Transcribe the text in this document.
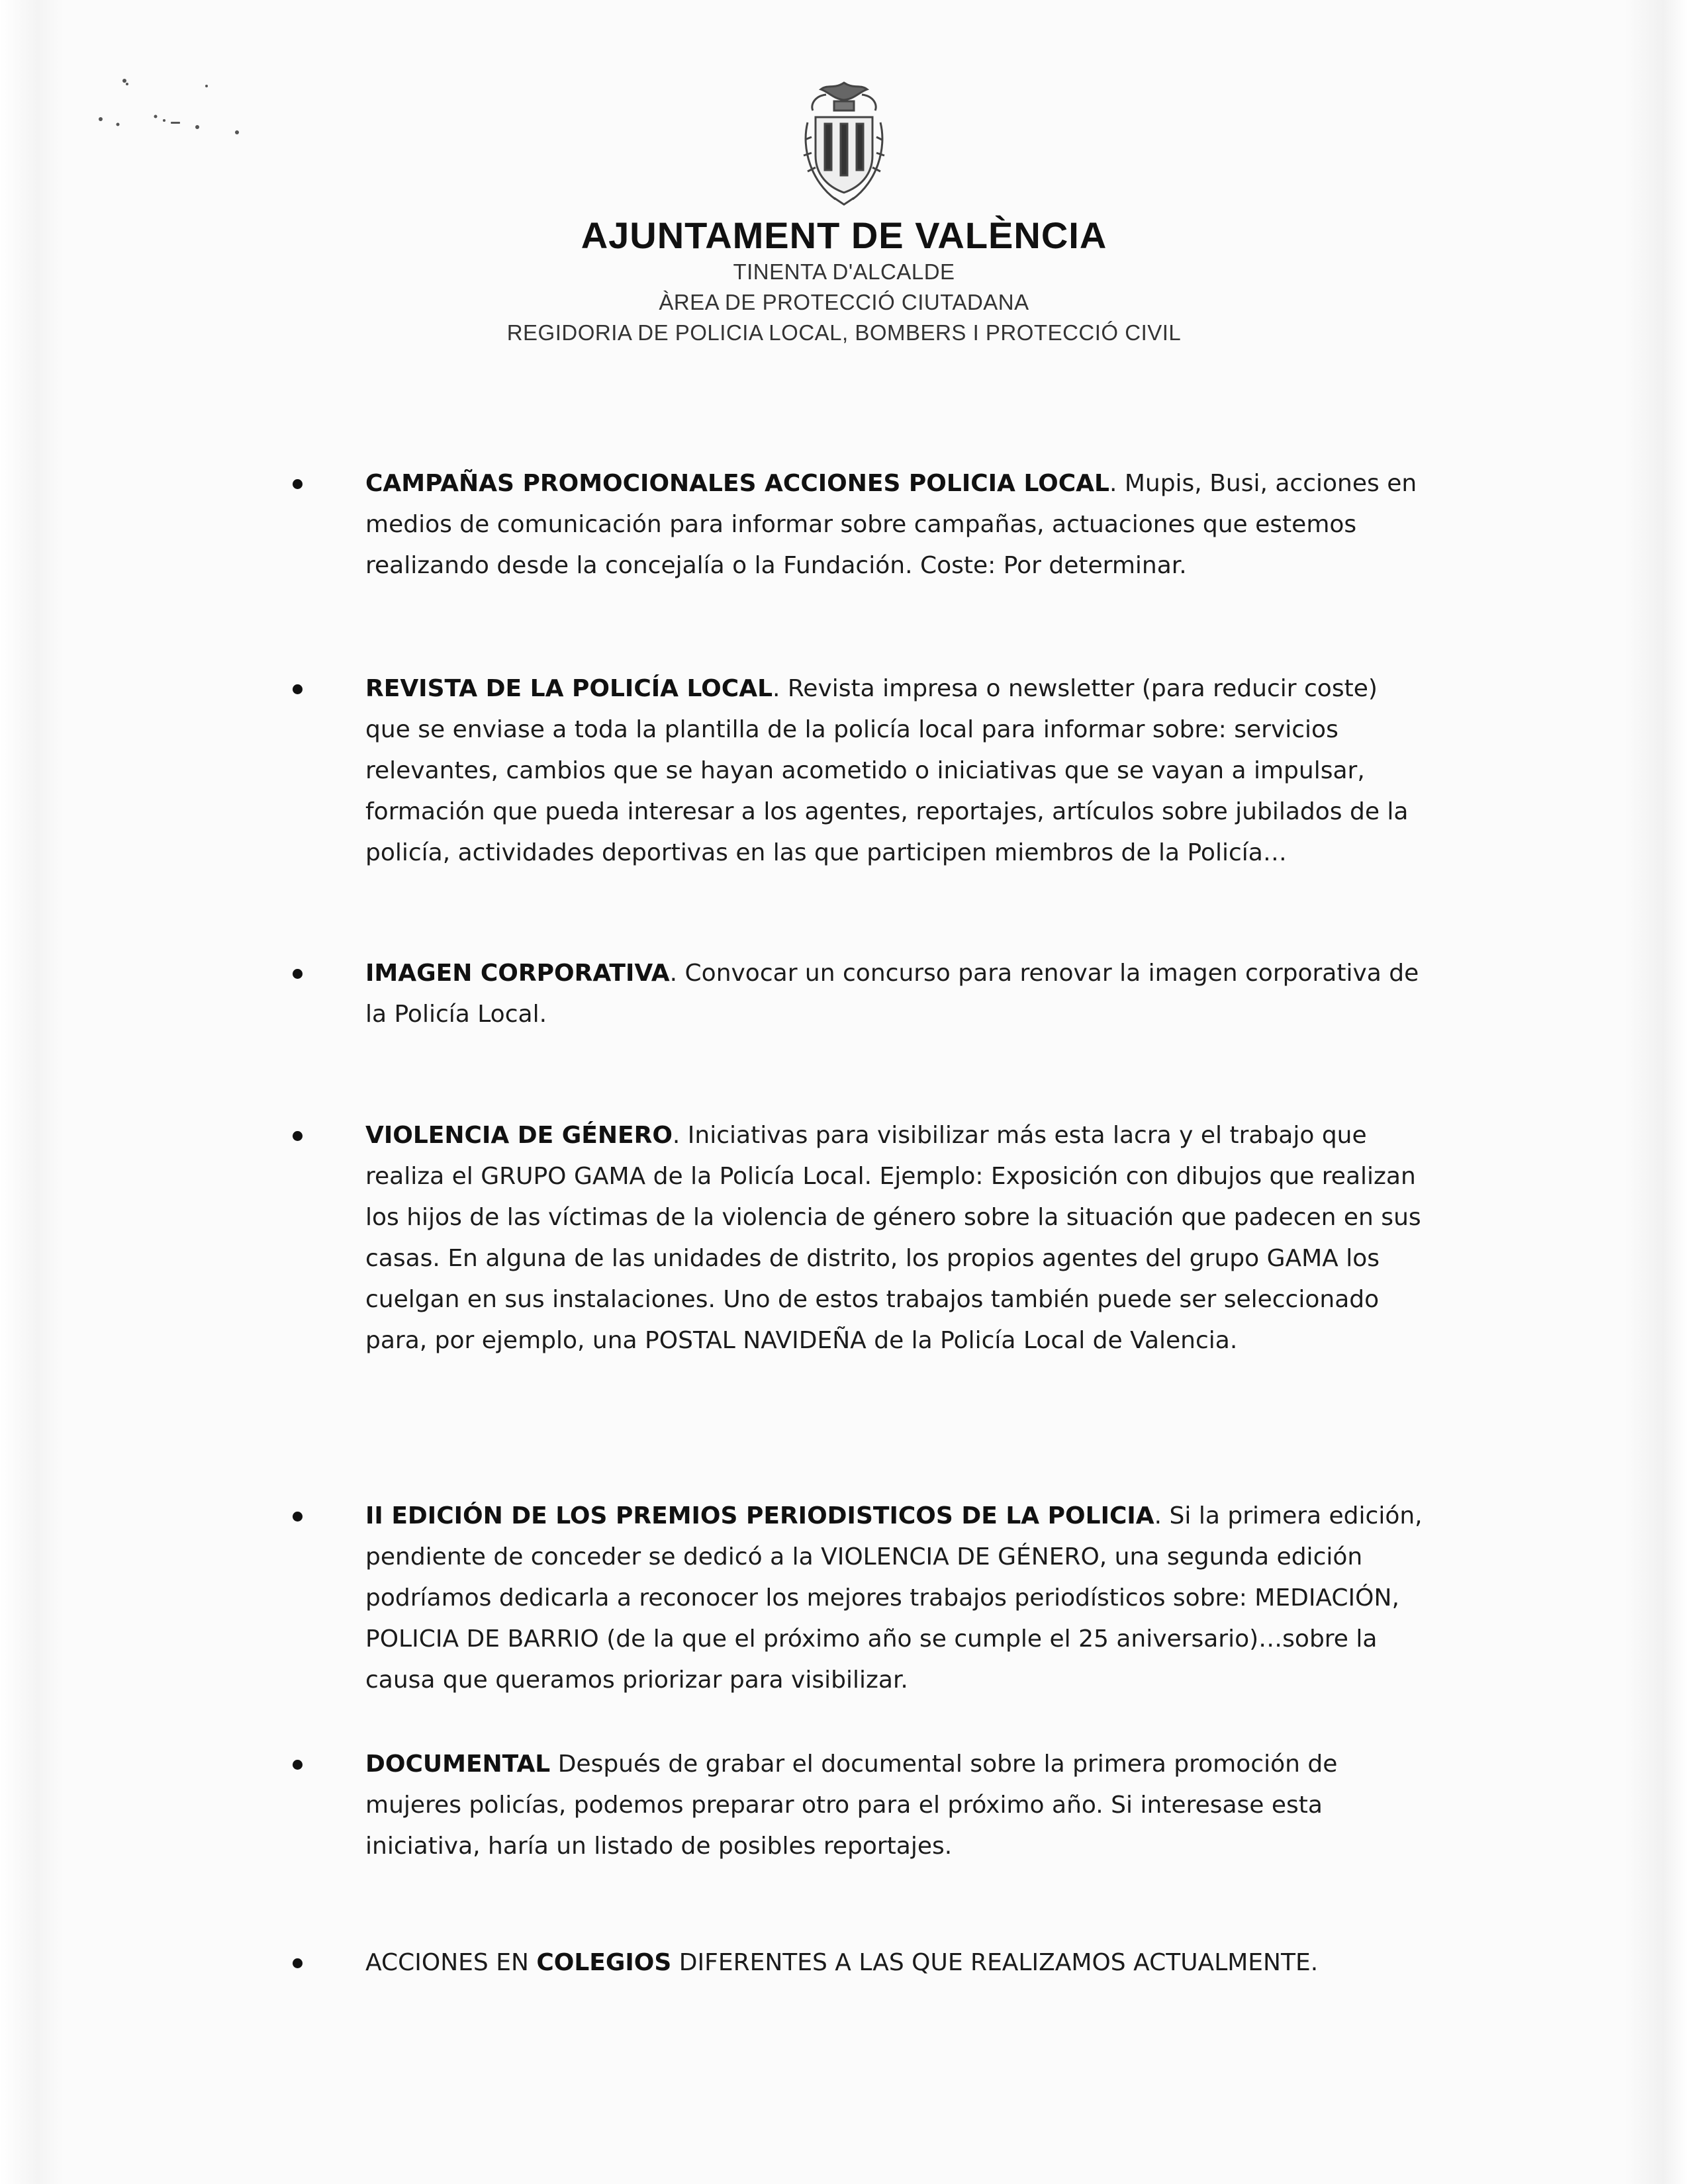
AJUNTAMENT DE VALÈNCIA
TINENTA D'ALCALDE
ÀREA DE PROTECCIÓ CIUTADANA
REGIDORIA DE POLICIA LOCAL, BOMBERS I PROTECCIÓ CIVIL
CAMPAÑAS PROMOCIONALES ACCIONES POLICIA LOCAL. Mupis, Busi, acciones en medios de comunicación para informar sobre campañas, actuaciones que estemos realizando desde la concejalía o la Fundación. Coste: Por determinar.
REVISTA DE LA POLICÍA LOCAL. Revista impresa o newsletter (para reducir coste) que se enviase a toda la plantilla de la policía local para informar sobre: servicios relevantes, cambios que se hayan acometido o iniciativas que se vayan a impulsar, formación que pueda interesar a los agentes, reportajes, artículos sobre jubilados de la policía, actividades deportivas en las que participen miembros de la Policía…
IMAGEN CORPORATIVA. Convocar un concurso para renovar la imagen corporativa de la Policía Local.
VIOLENCIA DE GÉNERO. Iniciativas para visibilizar más esta lacra y el trabajo que realiza el GRUPO GAMA de la Policía Local. Ejemplo: Exposición con dibujos que realizan los hijos de las víctimas de la violencia de género sobre la situación que padecen en sus casas. En alguna de las unidades de distrito, los propios agentes del grupo GAMA los cuelgan en sus instalaciones. Uno de estos trabajos también puede ser seleccionado para, por ejemplo, una POSTAL NAVIDEÑA de la Policía Local de Valencia.
II EDICIÓN DE LOS PREMIOS PERIODISTICOS DE LA POLICIA. Si la primera edición, pendiente de conceder se dedicó a la VIOLENCIA DE GÉNERO, una segunda edición podríamos dedicarla a reconocer los mejores trabajos periodísticos sobre: MEDIACIÓN, POLICIA DE BARRIO (de la que el próximo año se cumple el 25 aniversario)…sobre la causa que queramos priorizar para visibilizar.
DOCUMENTAL Después de grabar el documental sobre la primera promoción de mujeres policías, podemos preparar otro para el próximo año. Si interesase esta iniciativa, haría un listado de posibles reportajes.
ACCIONES EN COLEGIOS DIFERENTES A LAS QUE REALIZAMOS ACTUALMENTE.
